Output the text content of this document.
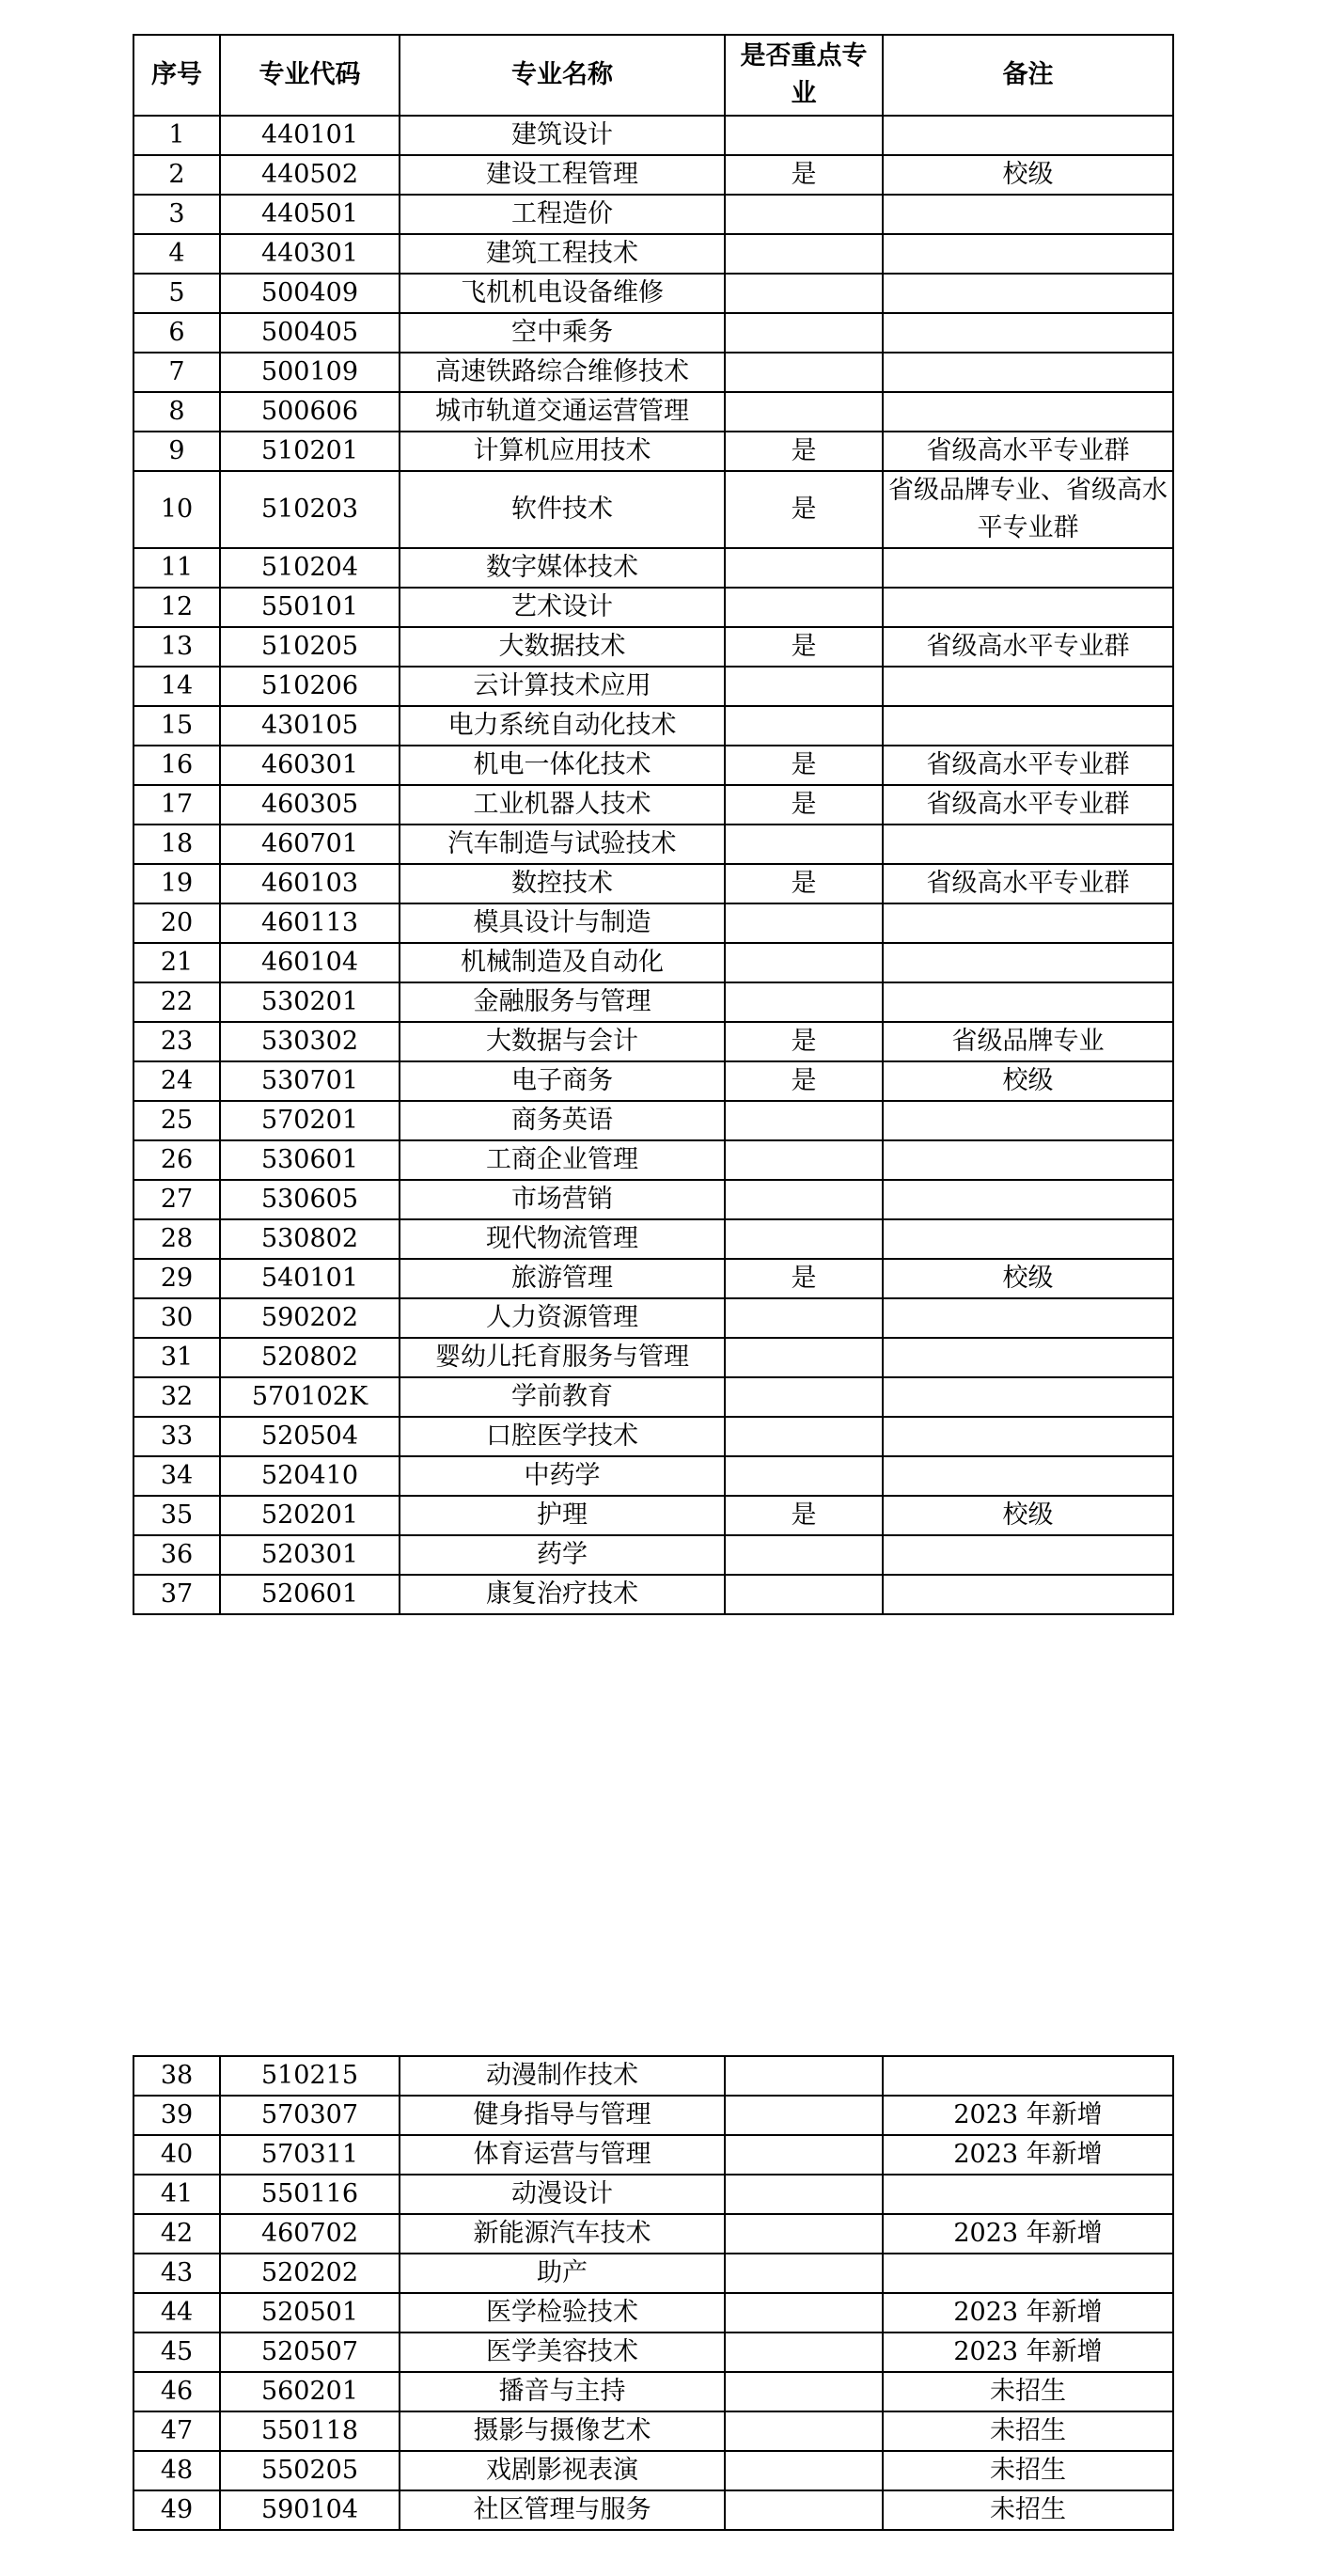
序号	专业代码	专业名称	是否重点专业	备注
1	440101	建筑设计		
2	440502	建设工程管理	是	校级
3	440501	工程造价		
4	440301	建筑工程技术		
5	500409	飞机机电设备维修		
6	500405	空中乘务		
7	500109	高速铁路综合维修技术		
8	500606	城市轨道交通运营管理		
9	510201	计算机应用技术	是	省级高水平专业群
10	510203	软件技术	是	省级品牌专业、省级高水平专业群
11	510204	数字媒体技术		
12	550101	艺术设计		
13	510205	大数据技术	是	省级高水平专业群
14	510206	云计算技术应用		
15	430105	电力系统自动化技术		
16	460301	机电一体化技术	是	省级高水平专业群
17	460305	工业机器人技术	是	省级高水平专业群
18	460701	汽车制造与试验技术		
19	460103	数控技术	是	省级高水平专业群
20	460113	模具设计与制造		
21	460104	机械制造及自动化		
22	530201	金融服务与管理		
23	530302	大数据与会计	是	省级品牌专业
24	530701	电子商务	是	校级
25	570201	商务英语		
26	530601	工商企业管理		
27	530605	市场营销		
28	530802	现代物流管理		
29	540101	旅游管理	是	校级
30	590202	人力资源管理		
31	520802	婴幼儿托育服务与管理		
32	570102K	学前教育		
33	520504	口腔医学技术		
34	520410	中药学		
35	520201	护理	是	校级
36	520301	药学		
37	520601	康复治疗技术		
38	510215	动漫制作技术		
39	570307	健身指导与管理		2023 年新增
40	570311	体育运营与管理		2023 年新增
41	550116	动漫设计		
42	460702	新能源汽车技术		2023 年新增
43	520202	助产		
44	520501	医学检验技术		2023 年新增
45	520507	医学美容技术		2023 年新增
46	560201	播音与主持		未招生
47	550118	摄影与摄像艺术		未招生
48	550205	戏剧影视表演		未招生
49	590104	社区管理与服务		未招生
